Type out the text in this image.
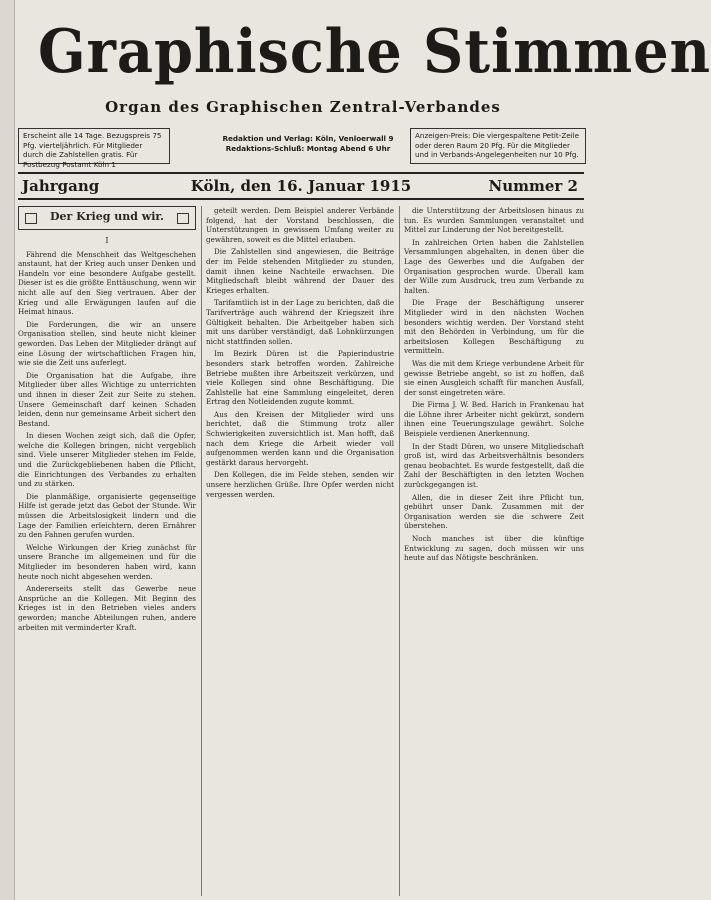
Graphische Stimmen
Organ des Graphischen Zentral-Verbandes
Erscheint alle 14 Tage. Bezugspreis 75 Pfg. vierteljährlich. Für Mitglieder durch die Zahlstellen gratis. Für Postbezug Postamt Köln 1
Redaktion und Verlag: Köln, Venloerwall 9
Redaktions-Schluß: Montag Abend 6 Uhr
Anzeigen-Preis: Die viergespaltene Petit-Zeile oder deren Raum 20 Pfg. Für die Mitglieder und in Verbands-Angelegenheiten nur 10 Pfg.
Jahrgang	Köln, den 16. Januar 1915	Nummer 2
Der Krieg und wir.
I

Fährend die Menschheit das Weltgeschehen anstaunt, hat der Krieg auch unser Denken und Handeln vor eine besondere Aufgabe gestellt. Dieser ist es die größte Enttäuschung, wenn wir nicht alle auf den Sieg vertrauen. Aber der Krieg und alle Erwägungen laufen auf die Heimat hinaus.

Die Forderungen, die wir an unsere Organisation stellen, sind heute nicht kleiner geworden. Das Leben der Mitglieder drängt auf eine Lösung der wirtschaftlichen Fragen hin, wie sie die Zeit uns auferlegt.

Die Organisation hat die Aufgabe, ihre Mitglieder über alles Wichtige zu unterrichten und ihnen in dieser Zeit zur Seite zu stehen. Unsere Gemeinschaft darf keinen Schaden leiden, denn nur gemeinsame Arbeit sichert den Bestand.

In diesen Wochen zeigt sich, daß die Opfer, welche die Kollegen bringen, nicht vergeblich sind. Viele unserer Mitglieder stehen im Felde, und die Zurückgebliebenen haben die Pflicht, die Einrichtungen des Verbandes zu erhalten und zu stärken.

Die planmäßige, organisierte gegenseitige Hilfe ist gerade jetzt das Gebot der Stunde. Wir müssen die Arbeitslosigkeit lindern und die Lage der Familien erleichtern, deren Ernährer zu den Fahnen gerufen wurden.

Welche Wirkungen der Krieg zunächst für unsere Branche im allgemeinen und für die Mitglieder im besonderen haben wird, kann heute noch nicht abgesehen werden.

Andererseits stellt das Gewerbe neue Ansprüche an die Kollegen. Mit Beginn des Krieges ist in den Betrieben vieles anders geworden; manche Abteilungen ruhen, andere arbeiten mit verminderter Kraft.

geteilt werden. Dem Beispiel anderer Verbände folgend, hat der Vorstand beschlossen, die Unterstützungen in gewissem Umfang weiter zu gewähren, soweit es die Mittel erlauben.

Die Zahlstellen sind angewiesen, die Beiträge der im Felde stehenden Mitglieder zu stunden, damit ihnen keine Nachteile erwachsen. Die Mitgliedschaft bleibt während der Dauer des Krieges erhalten.

Tarifamtlich ist in der Lage zu berichten, daß die Tarifverträge auch während der Kriegszeit ihre Gültigkeit behalten. Die Arbeitgeber haben sich mit uns darüber verständigt, daß Lohnkürzungen nicht stattfinden sollen.

Im Bezirk Düren ist die Papierindustrie besonders stark betroffen worden. Zahlreiche Betriebe mußten ihre Arbeitszeit verkürzen, und viele Kollegen sind ohne Beschäftigung. Die Zahlstelle hat eine Sammlung eingeleitet, deren Ertrag den Notleidenden zugute kommt.

Aus den Kreisen der Mitglieder wird uns berichtet, daß die Stimmung trotz aller Schwierigkeiten zuversichtlich ist. Man hofft, daß nach dem Kriege die Arbeit wieder voll aufgenommen werden kann und die Organisation gestärkt daraus hervorgeht.

Den Kollegen, die im Felde stehen, senden wir unsere herzlichen Grüße. Ihre Opfer werden nicht vergessen werden.

die Unterstützung der Arbeitslosen hinaus zu tun. Es wurden Sammlungen veranstaltet und Mittel zur Linderung der Not bereitgestellt.

In zahlreichen Orten haben die Zahlstellen Versammlungen abgehalten, in denen über die Lage des Gewerbes und die Aufgaben der Organisation gesprochen wurde. Überall kam der Wille zum Ausdruck, treu zum Verbande zu halten.

Die Frage der Beschäftigung unserer Mitglieder wird in den nächsten Wochen besonders wichtig werden. Der Vorstand steht mit den Behörden in Verbindung, um für die arbeitslosen Kollegen Beschäftigung zu vermitteln.

Was die mit dem Kriege verbundene Arbeit für gewisse Betriebe angeht, so ist zu hoffen, daß sie einen Ausgleich schafft für manchen Ausfall, der sonst eingetreten wäre.

Die Firma J. W. Bed. Harich in Frankenau hat die Löhne ihrer Arbeiter nicht gekürzt, sondern ihnen eine Teuerungszulage gewährt. Solche Beispiele verdienen Anerkennung.

In der Stadt Düren, wo unsere Mitgliedschaft groß ist, wird das Arbeitsverhältnis besonders genau beobachtet. Es wurde festgestellt, daß die Zahl der Beschäftigten in den letzten Wochen zurückgegangen ist.

Allen, die in dieser Zeit ihre Pflicht tun, gebührt unser Dank. Zusammen mit der Organisation werden sie die schwere Zeit überstehen.

Noch manches ist über die künftige Entwicklung zu sagen, doch müssen wir uns heute auf das Nötigste beschränken.
